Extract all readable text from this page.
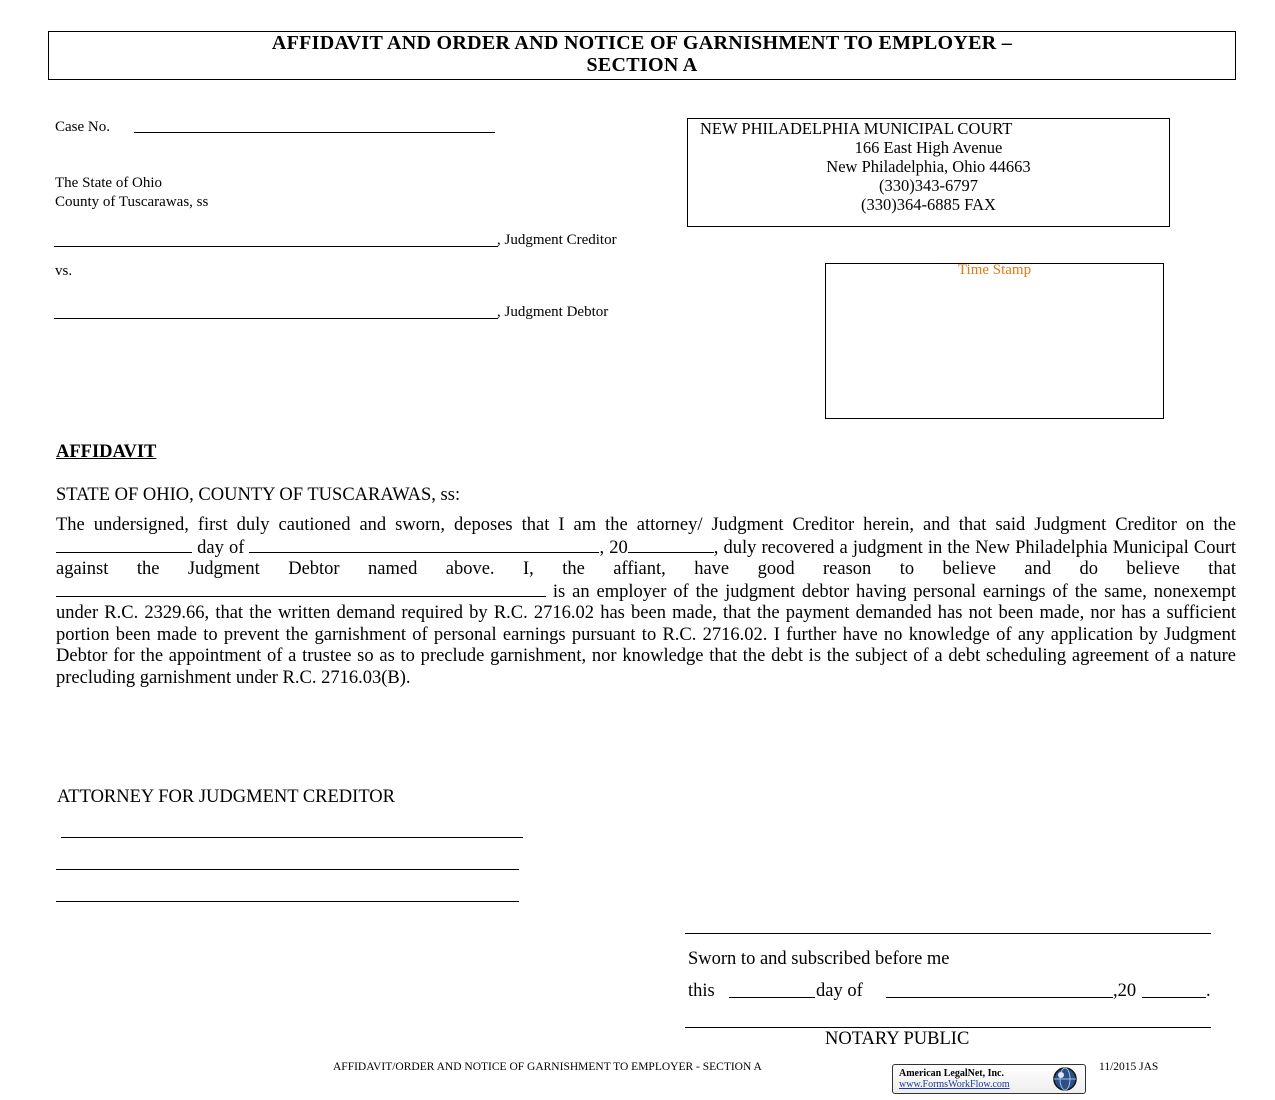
AFFIDAVIT AND ORDER AND NOTICE OF GARNISHMENT TO EMPLOYER –
SECTION A
Case No.
The State of Ohio
County of Tuscarawas, ss
, Judgment Creditor
vs.
, Judgment Debtor
NEW PHILADELPHIA MUNICIPAL COURT
166 East High Avenue
New Philadelphia, Ohio 44663
(330)343-6797
(330)364-6885 FAX
Time Stamp
AFFIDAVIT
STATE OF OHIO, COUNTY OF TUSCARAWAS, ss:
The undersigned, first duly cautioned and sworn, deposes that I am the attorney/ Judgment Creditor herein, and that said Judgment Creditor on the day of	, 20	, duly recovered a judgment in the New Philadelphia Municipal Court against the Judgment Debtor named above. I, the affiant, have good reason to believe and do believe that  is an employer of the judgment debtor having personal earnings of the same, nonexempt under R.C. 2329.66, that the written demand required by R.C. 2716.02 has been made, that the payment demanded has not been made, nor has a sufficient portion been made to prevent the garnishment of personal earnings pursuant to R.C. 2716.02. I further have no knowledge of any application by Judgment Debtor for the appointment of a trustee so as to preclude garnishment, nor knowledge that the debt is the subject of a debt scheduling agreement of a nature precluding garnishment under R.C. 2716.03(B).
ATTORNEY FOR JUDGMENT CREDITOR
Sworn to and subscribed before me
this	day of	,20	.
NOTARY PUBLIC
AFFIDAVIT/ORDER AND NOTICE OF GARNISHMENT TO EMPLOYER - SECTION A
American LegalNet, Inc.
www.FormsWorkFlow.com
11/2015 JAS
